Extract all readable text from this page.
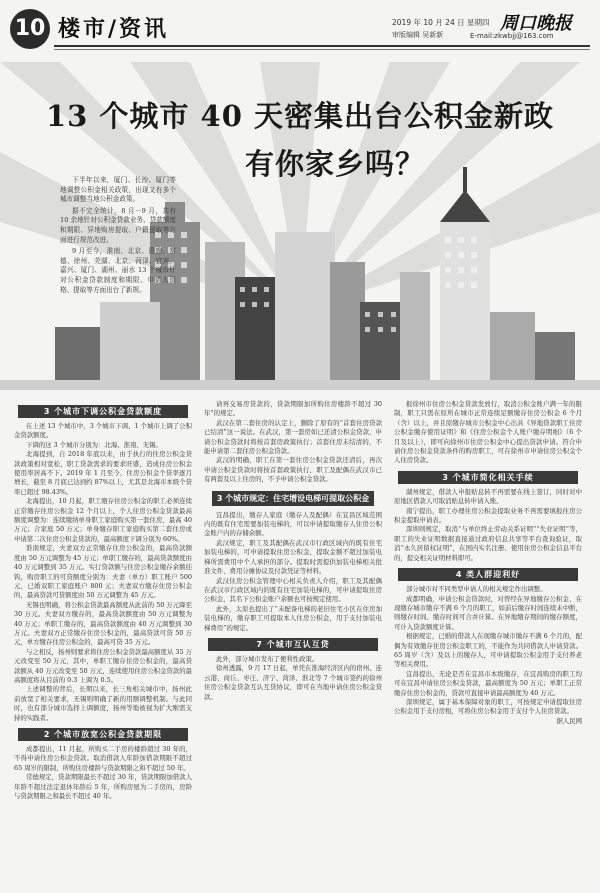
10 楼市/资讯	2019 年 10 月 24 日 星期四
审版编辑 吴新新
周口晚报
E-mail:zkwbjj@163.com
13 个城市 40 天密集出台公积金新政
有你家乡吗？

下半年以来，厦门、长沙、厦门等地调整公积金相关政策，出现又有多个城市调整当地公积金政策。

据不完全统计，8 月－9 月，共有 10 余地针对公积金贷款业务、贷款额度和期限、异地购房提取、户籍提取等方面进行规范改进。

9 月至今，淮南、北京、恩施、常德、徐州、芜湖、北京、菏泽、宜宾、嘉兴、厦门、湖州、丽水 13 个城市针对公积金贷款制度和期限、申请人资格、提取等方面出台了新规。

3 个城市下调公积金贷款额度

在上述 13 个城市中，3 个城市下调、1 个城市上调了公积金贷款额度。

下调的这 3 个城市分别为：北海、淮南、无锡。

北海提到，自 2018 年底以来，由于执行的住房公积金贷款政策相对宽松，职工贷款需求的要求旺盛，造成住房公积金使用率居高不下。2019 年 1 月至今，住房公积金个贷率逐月增长，截至 8 月底已达到约 87%以上，尤其是北海市本级个贷率已超过 98.43%。

北海提出，10 月起，职工缴存住房公积金的职工必须连续正常缴存住房公积金 12 个月以上，个人住房公积金贷款最高额度调整为：连续缴纳单身职工家庭购买第一套住房，最高 40 万元；合家庭 50 万元；单身缴存职工家庭购买第二套住房或申请第二次住房公积金贷款的，最高额度下调分别为 60%。

淮南规定，夫妻双方正常缴存住房公积金的，最高贷款额度由 50 万元调整为 45 万元；单职工缴存的，最高贷款额度由 40 万元调整到 35 万元。实行贷款额与住房公积金缴存余额挂钩，购房职工的可贷额度分别为：夫妻（单方）职工账户 500 元，已婚双职工家庭账户 800 元；夫妻双方缴存住房公积金的，最高贷款可贷额度由 50 万元调整为 45 万元。

无锡也明确，将公积金贷款最高额度从此前的 50 万元降至 30 万元。夫妻双方缴存的，最高贷款额度由 50 万元调整为 40 万元；单职工缴存的，最高贷款额度由 40 万元调整到 30 万元。夫妻双方正常缴存住房公积金的，最高贷款可贷 50 万元，单方缴存住房公积金的，最高可贷 35 万元。

与之相反，扬州则要求将住房公积金贷款最高额度从 35 万元改变至 50 万元，其中，单职工缴存住房公积金的，最高贷款额从 40 万元改变至 50 万元，连续使用住房公积金贷款的最高额度将从目前的 0.3 上调为 0.5。

上述调整的背后，长期以来，长三角相关城市中，扬州此前放宽了相关要求，无锡则明确了新的用额调整机制。与此同时，也有部分城市选择上调额度，扬州等地被视为扩大刚需支持的实践者。

2 个城市放宽公积金贷款期限

成都提出，11 月起，所购买二手房的楼龄超过 30 年的，不得申请住房公积金贷款。取消借款人年龄加借款期限不超过 65 周岁的限制，所购住房楼龄与贷款期限之和不超过 50 年。

常德规定，贷款期限最长不超过 30 年，贷款期限加借款人年龄不超过法定退休年龄后 5 年，所购房屋为二手房的，房龄与贷款期限之和最长不超过 40 年。

请再交易房贷款的，贷款期限加所购住房楼龄不超过 30 年”的规定。

武汉在第二套住房的认定上，删除了原有的“首套住房贷款已结清”这一说法。在武汉，第一套房如已还清公积金贷款，申请公积金贷款时将按首套房政策执行；首套住房未结清的，不能申请第二套住房公积金贷款。

武汉的明确，职工在第一套住房公积金贷款还清后，再次申请公积金贷款时将按首套政策执行，职工及配偶在武汉市已有两套及以上住房的，不予申请公积金贷款。

3 个城市规定：住宅增设电梯可提取公积金

宜昌提出，缴存人家庭（缴存人及配偶）在宜昌区域范围内的既有住宅需要加装电梯的，可以申请提取缴存人住房公积金账户内的存储余额。

武汉规定，职工及其配偶在武汉市行政区域内的既有住宅加装电梯的，可申请提取住房公积金，提取金额不超过加装电梯所需费用中个人承担的部分。提取时需提供加装电梯相关批准文件、费用分摊协议及付款凭证等材料。

武汉住房公积金管理中心相关负责人介绍，职工及其配偶在武汉市行政区域内的既有住宅加装电梯的，可申请提取住房公积金，其名下公积金账户余额也可按规定使用。

此外，太原也提出了“未配备电梯的老旧住宅小区在住房加装电梯的，缴存职工可提取本人住房公积金，用于支付加装电梯费用”的规定。

7 个城市互认互贷

此外，部分城市发布了便利性政策。

徐州透露，9 月 17 日起，单凭在淮海经济区内的宿州、连云港、商丘、枣庄、济宁、菏泽、淮北等 7 个城市签约的徐州住房公积金贷款互认互贷协议，即可在当地申请住房公积金贷款。

报徐州市住房公积金贷款发放行，取消公积金账户满一年的限制，职工只需在原所在城市正常连续足额缴存住房公积金 6 个月（含）以上，并且原缴存城市公积金中心出具《异地贷款职工住房公积金缴存使用证明》和《住房公积金个人账户缴存明细》（6 个月及以上），即可向徐州市住房公积金中心提出贷款申请。符合申请住房公积金贷款条件的购房职工，可在徐州市申请住房公积金个人住房贷款。

3 个城市简化相关手续

湖州规定，借款人申报贴息转不再需要在线上签订，同时对中原地区借款人可取消贴息转申请入账。

南宁提出，职工办理住房公积金提取业务不再需要填报住房公积金提取申请表。

深圳则规定，取消“与单位终止劳动关系证明”“失业证明”等，职工的失业证明数据直接通过政府信息共享等平台查询验证，取消“永久居留权证明”，在国内实名注册、使用住房公积金信息平台的，提交相关证明材料即可。

4 类人群迎利好

部分城市对不同类型申请人的相关规定作出调整。

成都明确，申请公积金贷款时，对曾经在异地缴存公积金、在现缴存城市缴存不满 6 个月的职工，如前后缴存时间连续未中断，则缴存时间、缴存时间可合并计算。在异地缴存期间的缴存额度，可计入贷款额度计算。

根据规定，已婚的借款人在现缴存城市缴存不满 6 个月的，配偶为有效缴存住房公积金职工的，不能作为共同借款人申请贷款。65 周岁（含）及以上的缴存人，可申请提取公积金用于支付养老等相关费用。

宜昌提出，无论是否在宜昌市本级缴存，在宜昌购房的职工均可在宜昌申请住房公积金贷款，最高额度为 50 万元；单职工正常缴存住房公积金的，贷款可直接申请最高额度为 40 万元。

深圳规定，属于基本保障对象的职工，可按规定申请提取住房公积金用于支付房租，可将住房公积金用于支付个人住房贷款。

据人民网
